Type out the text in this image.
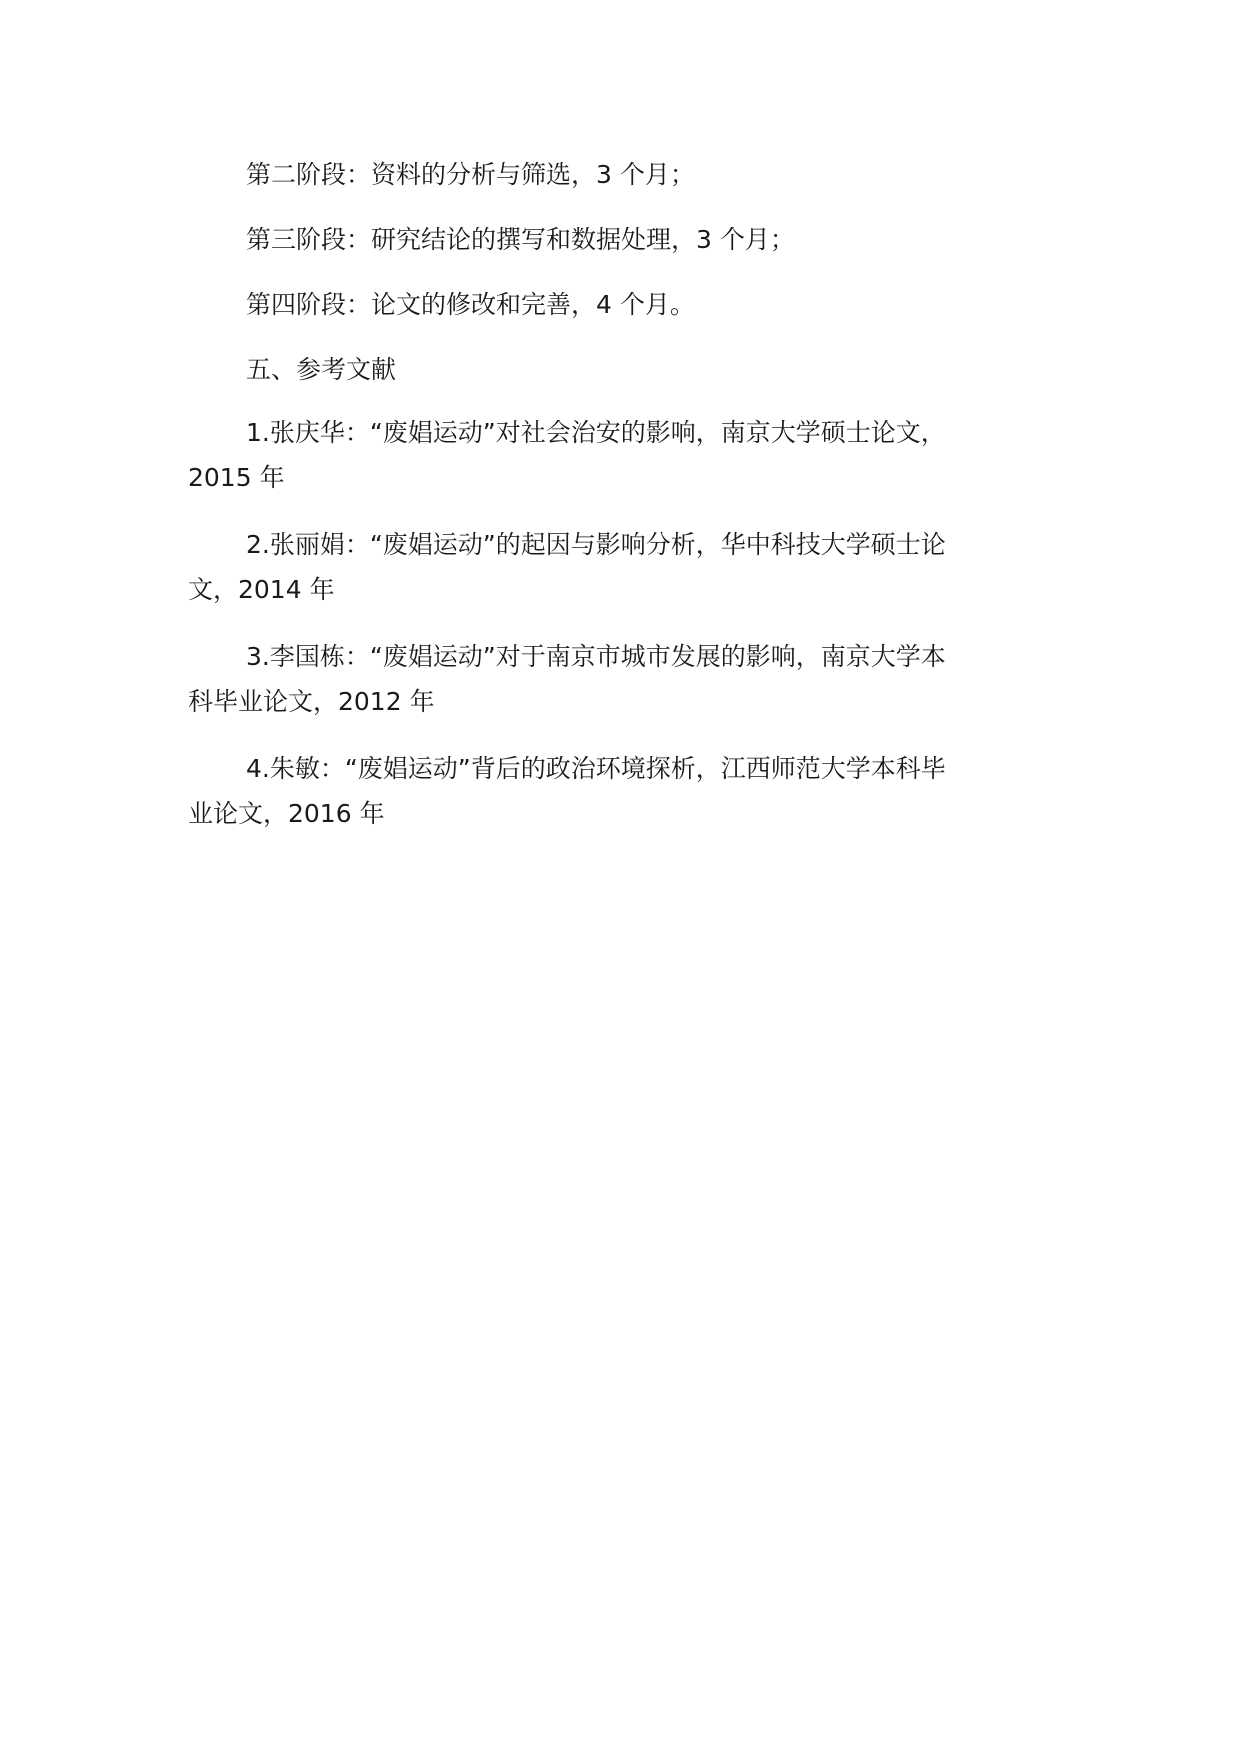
第二阶段：资料的分析与筛选，3 个月；
第三阶段：研究结论的撰写和数据处理，3 个月；
第四阶段：论文的修改和完善，4 个月。
五、参考文献
1.张庆华：“废娼运动”对社会治安的影响，南京大学硕士论文，
2015 年
2.张丽娟：“废娼运动”的起因与影响分析，华中科技大学硕士论
文，2014 年
3.李国栋：“废娼运动”对于南京市城市发展的影响，南京大学本
科毕业论文，2012 年
4.朱敏：“废娼运动”背后的政治环境探析，江西师范大学本科毕
业论文，2016 年
